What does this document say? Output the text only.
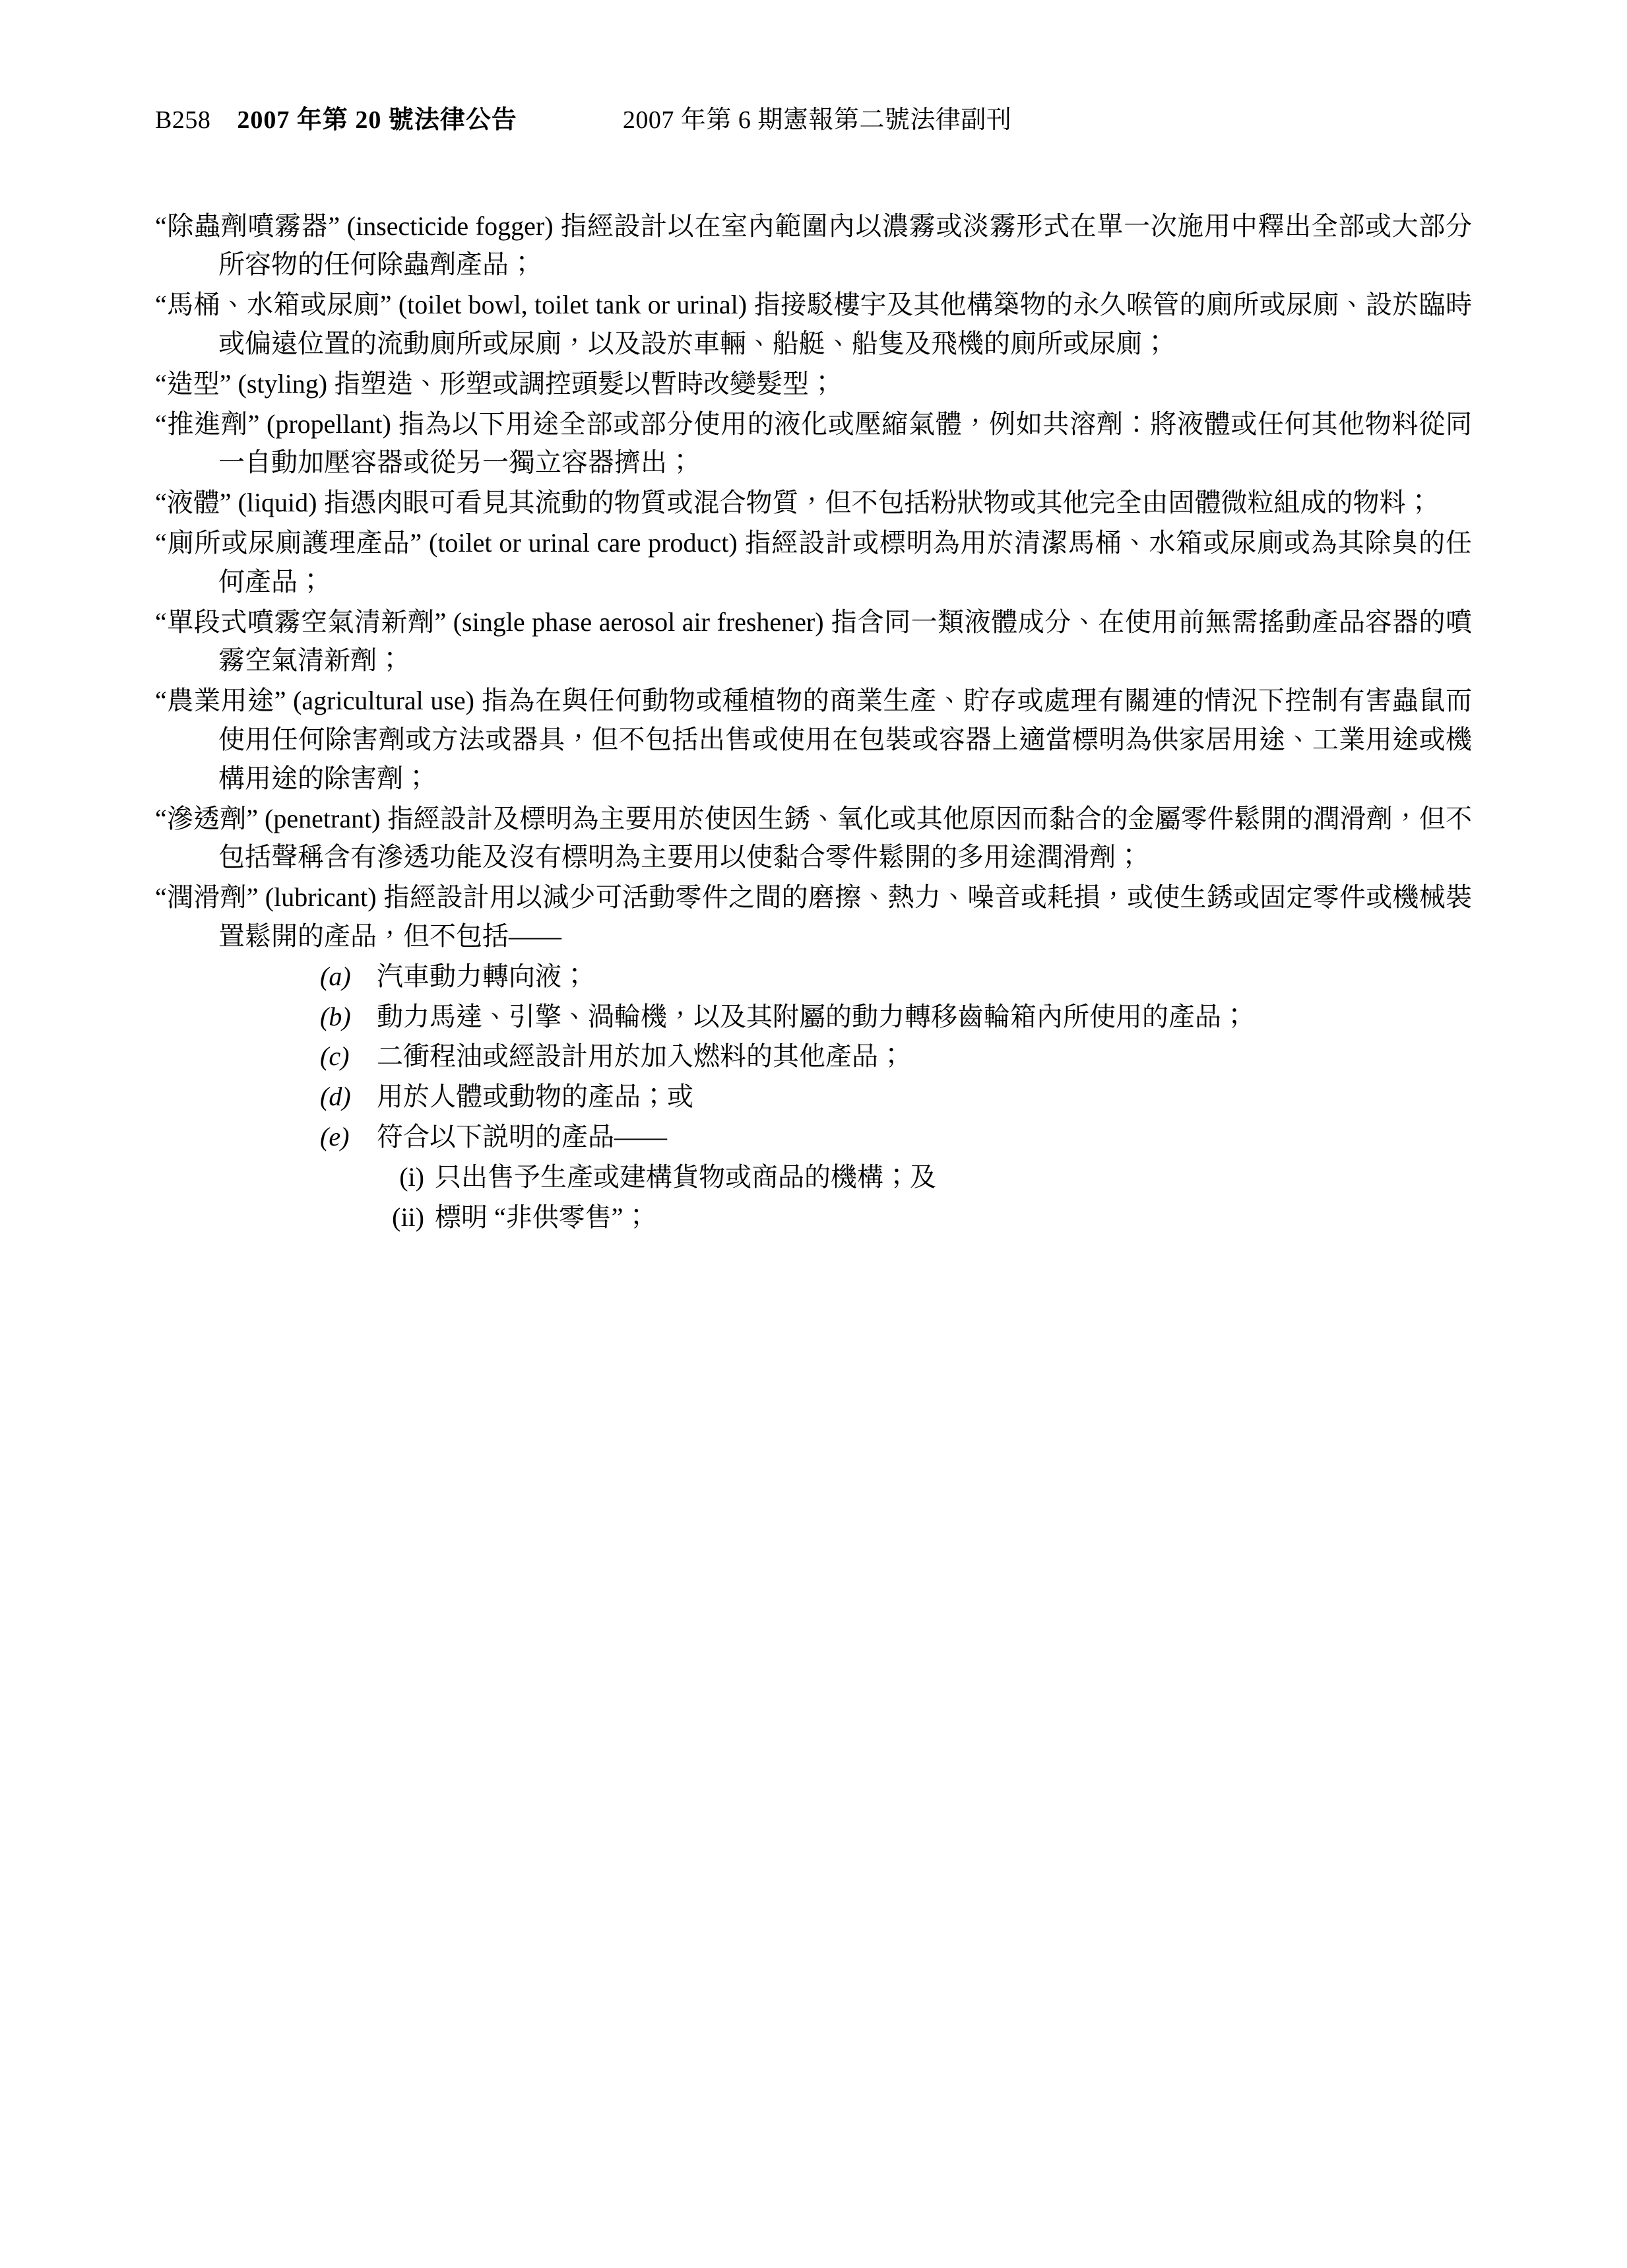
B258 2007 年第 20 號法律公告	2007 年第 6 期憲報第二號法律副刊

“除蟲劑噴霧器” (insecticide fogger) 指經設計以在室內範圍內以濃霧或淡霧形式在單一次施用中釋出全部或大部分所容物的任何除蟲劑產品；

“馬桶、水箱或尿廁” (toilet bowl, toilet tank or urinal) 指接駁樓宇及其他構築物的永久喉管的廁所或尿廁、設於臨時或偏遠位置的流動廁所或尿廁，以及設於車輛、船艇、船隻及飛機的廁所或尿廁；

“造型” (styling) 指塑造、形塑或調控頭髮以暫時改變髮型；

“推進劑” (propellant) 指為以下用途全部或部分使用的液化或壓縮氣體，例如共溶劑：將液體或任何其他物料從同一自動加壓容器或從另一獨立容器擠出；

“液體” (liquid) 指憑肉眼可看見其流動的物質或混合物質，但不包括粉狀物或其他完全由固體微粒組成的物料；

“廁所或尿廁護理產品” (toilet or urinal care product) 指經設計或標明為用於清潔馬桶、水箱或尿廁或為其除臭的任何產品；

“單段式噴霧空氣清新劑” (single phase aerosol air freshener) 指含同一類液體成分、在使用前無需搖動產品容器的噴霧空氣清新劑；

“農業用途” (agricultural use) 指為在與任何動物或種植物的商業生產、貯存或處理有關連的情況下控制有害蟲鼠而使用任何除害劑或方法或器具，但不包括出售或使用在包裝或容器上適當標明為供家居用途、工業用途或機構用途的除害劑；

“滲透劑” (penetrant) 指經設計及標明為主要用於使因生銹、氧化或其他原因而黏合的金屬零件鬆開的潤滑劑，但不包括聲稱含有滲透功能及沒有標明為主要用以使黏合零件鬆開的多用途潤滑劑；

“潤滑劑” (lubricant) 指經設計用以減少可活動零件之間的磨擦、熱力、噪音或耗損，或使生銹或固定零件或機械裝置鬆開的產品，但不包括——

(a) 汽車動力轉向液；
(b) 動力馬達、引擎、渦輪機，以及其附屬的動力轉移齒輪箱內所使用的產品；
(c)	二衝程油或經設計用於加入燃料的其他產品；
(d) 用於人體或動物的產品；或
(e)	符合以下説明的產品——
(i) 只出售予生產或建構貨物或商品的機構；及
(ii) 標明 “非供零售”；
